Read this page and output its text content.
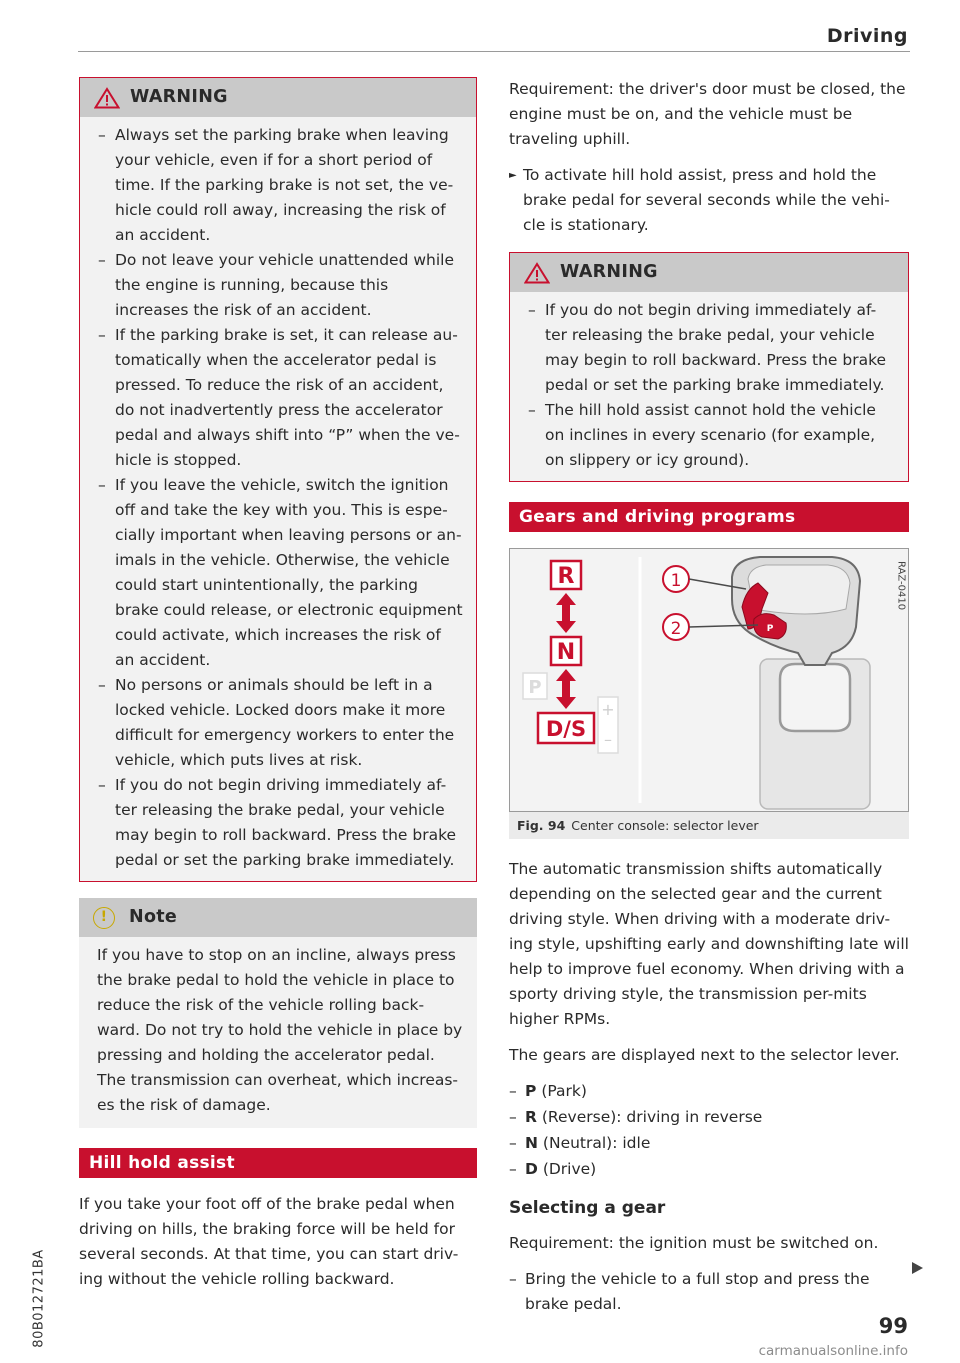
Driving
80B012721BA
WARNING
– Always set the parking brake when leaving your vehicle, even if for a short period of time. If the parking brake is not set, the ve-hicle could roll away, increasing the risk of an accident.
– Do not leave your vehicle unattended while the engine is running, because this increases the risk of an accident.
– If the parking brake is set, it can release au-tomatically when the accelerator pedal is pressed. To reduce the risk of an accident, do not inadvertently press the accelerator pedal and always shift into “P” when the ve-hicle is stopped.
– If you leave the vehicle, switch the ignition off and take the key with you. This is espe-cially important when leaving persons or an-imals in the vehicle. Otherwise, the vehicle could start unintentionally, the parking brake could release, or electronic equipment could activate, which increases the risk of an accident.
– No persons or animals should be left in a locked vehicle. Locked doors make it more difficult for emergency workers to enter the vehicle, which puts lives at risk.
– If you do not begin driving immediately af-ter releasing the brake pedal, your vehicle may begin to roll backward. Press the brake pedal or set the parking brake immediately.
!	Note
If you have to stop on an incline, always press the brake pedal to hold the vehicle in place to reduce the risk of the vehicle rolling back-ward. Do not try to hold the vehicle in place by pressing and holding the accelerator pedal. The transmission can overheat, which increas-es the risk of damage.
Hill hold assist

If you take your foot off of the brake pedal when driving on hills, the braking force will be held for several seconds. At that time, you can start driv-ing without the vehicle rolling backward.

Requirement: the driver's door must be closed, the engine must be on, and the vehicle must be traveling uphill.

► To activate hill hold assist, press and hold the brake pedal for several seconds while the vehi-cle is stationary.

WARNING
– If you do not begin driving immediately af-ter releasing the brake pedal, your vehicle may begin to roll backward. Press the brake pedal or set the parking brake immediately.
– The hill hold assist cannot hold the vehicle on inclines in every scenario (for example, on slippery or icy ground).
Gears and driving programs
RAZ-0410
R
N
P
D/S
+
–
P
1
2
Fig. 94 Center console: selector lever

The automatic transmission shifts automatically depending on the selected gear and the current driving style. When driving with a moderate driv-ing style, upshifting early and downshifting late will help to improve fuel economy. When driving with a sporty driving style, the transmission per-mits higher RPMs.

The gears are displayed next to the selector lever.

– P (Park)
– R (Reverse): driving in reverse
– N (Neutral): idle
– D (Drive)
Selecting a gear

Requirement: the ignition must be switched on.

– Bring the vehicle to a full stop and press the brake pedal.
99
carmanualsonline.info
